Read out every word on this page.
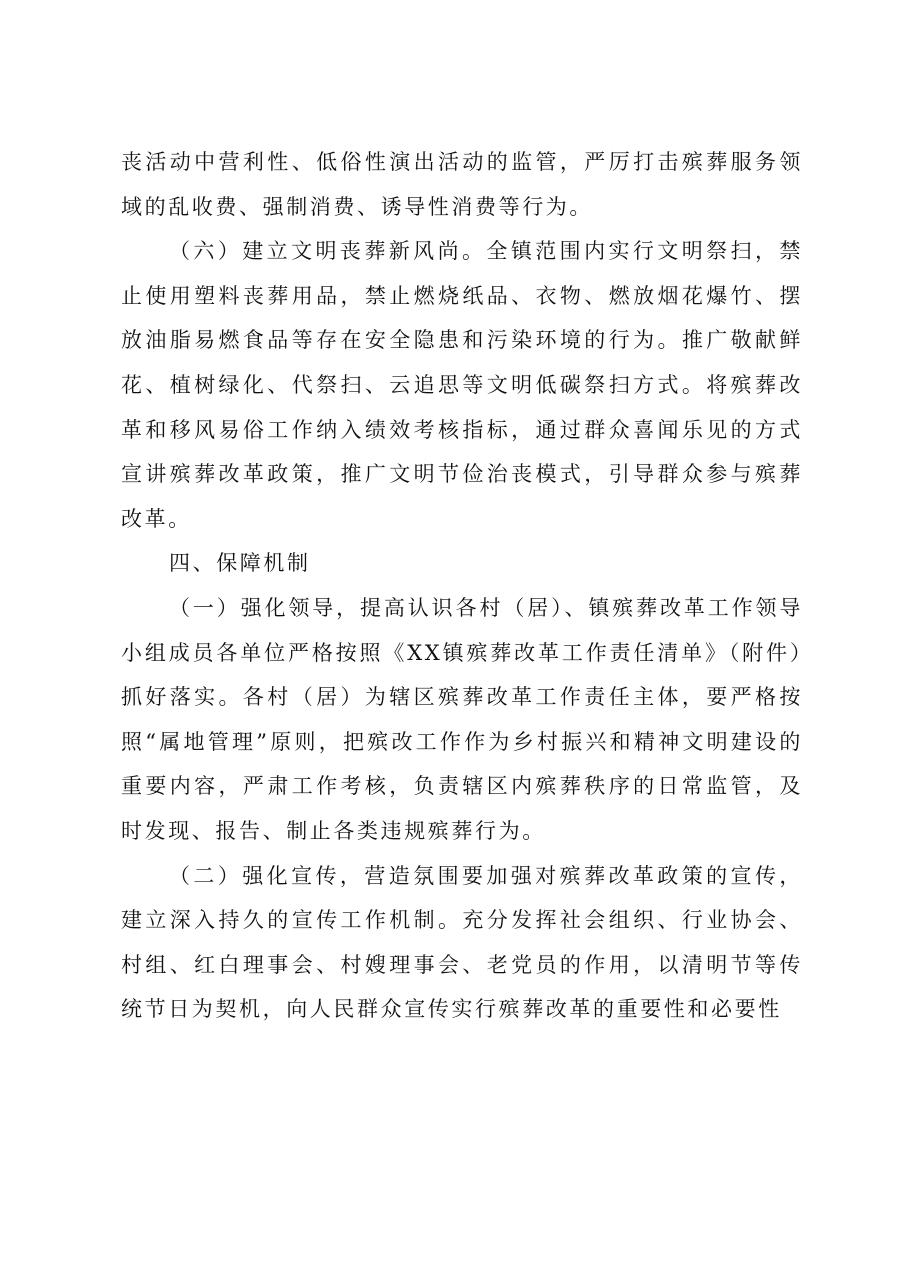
丧活动中营利性、低俗性演出活动的监管，严厉打击殡葬服务领域的乱收费、强制消费、诱导性消费等行为。

（六）建立文明丧葬新风尚。全镇范围内实行文明祭扫，禁止使用塑料丧葬用品，禁止燃烧纸品、衣物、燃放烟花爆竹、摆放油脂易燃食品等存在安全隐患和污染环境的行为。推广敬献鲜花、植树绿化、代祭扫、云追思等文明低碳祭扫方式。将殡葬改革和移风易俗工作纳入绩效考核指标，通过群众喜闻乐见的方式宣讲殡葬改革政策，推广文明节俭治丧模式，引导群众参与殡葬改革。

四、保障机制

（一）强化领导，提高认识各村（居）、镇殡葬改革工作领导小组成员各单位严格按照《XX镇殡葬改革工作责任清单》（附件）抓好落实。各村（居）为辖区殡葬改革工作责任主体，要严格按照“属地管理”原则，把殡改工作作为乡村振兴和精神文明建设的重要内容，严肃工作考核，负责辖区内殡葬秩序的日常监管，及时发现、报告、制止各类违规殡葬行为。

（二）强化宣传，营造氛围要加强对殡葬改革政策的宣传，建立深入持久的宣传工作机制。充分发挥社会组织、行业协会、村组、红白理事会、村嫂理事会、老党员的作用，以清明节等传统节日为契机，向人民群众宣传实行殡葬改革的重要性和必要性
